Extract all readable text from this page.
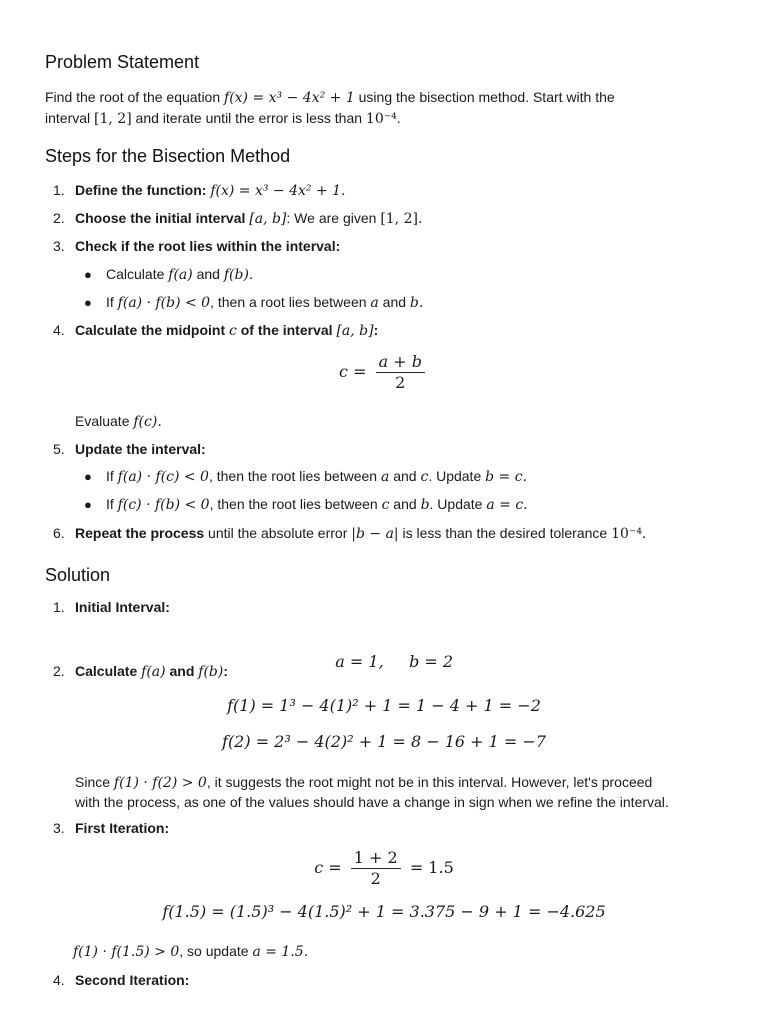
Problem Statement
Find the root of the equation f(x) = x³ − 4x² + 1 using the bisection method. Start with the
interval [1, 2] and iterate until the error is less than 10⁻⁴.
Steps for the Bisection Method
1. Define the function: f(x) = x³ − 4x² + 1.
2. Choose the initial interval [a, b]: We are given [1, 2].
3. Check if the root lies within the interval:
● Calculate f(a) and f(b).
● If f(a) · f(b) < 0, then a root lies between a and b.
4. Calculate the midpoint c of the interval [a, b]:
$c = \frac{a + b}{2}$
Evaluate f(c).
5. Update the interval:
● If f(a) · f(c) < 0, then the root lies between a and c. Update b = c.
● If f(c) · f(b) < 0, then the root lies between c and b. Update a = c.
6. Repeat the process until the absolute error |b − a| is less than the desired tolerance 10⁻⁴.
Solution
1. Initial Interval:

a = 1,     b = 2

2. Calculate f(a) and f(b):
f(1) = 1³ − 4(1)² + 1 = 1 − 4 + 1 = −2
f(2) = 2³ − 4(2)² + 1 = 8 − 16 + 1 = −7
Since f(1) · f(2) > 0, it suggests the root might not be in this interval. However, let's proceed
with the process, as one of the values should have a change in sign when we refine the interval.
3. First Iteration:
$c = \frac{1 + 2}{2} = 1.5$
f(1.5) = (1.5)³ − 4(1.5)² + 1 = 3.375 − 9 + 1 = −4.625
f(1) · f(1.5) > 0, so update a = 1.5.
4. Second Iteration:
